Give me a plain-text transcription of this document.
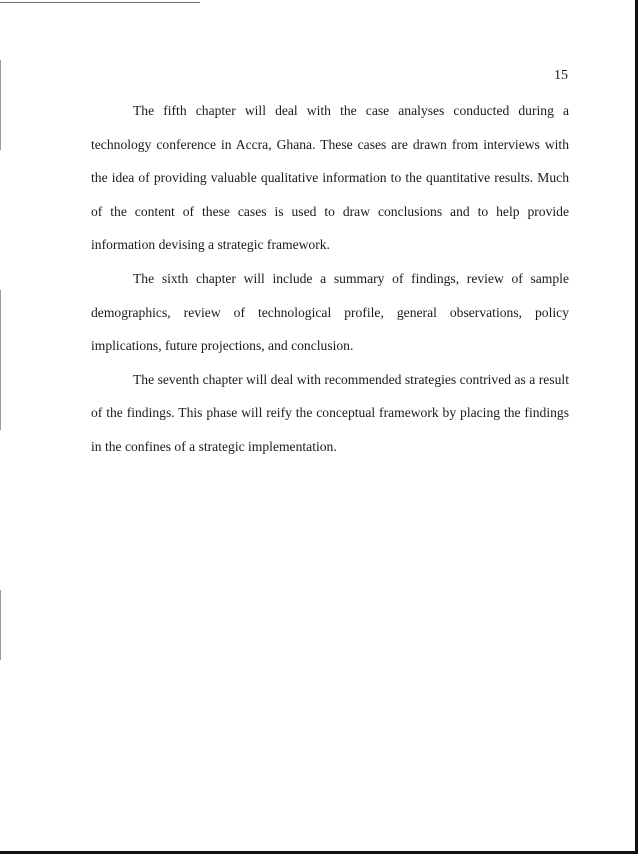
15

The fifth chapter will deal with the case analyses conducted during a technology conference in Accra, Ghana. These cases are drawn from interviews with the idea of providing valuable qualitative information to the quantitative results. Much of the content of these cases is used to draw conclusions and to help provide information devising a strategic framework.

The sixth chapter will include a summary of findings, review of sample demographics, review of technological profile, general observations, policy implications, future projections, and conclusion.

The seventh chapter will deal with recommended strategies contrived as a result of the findings. This phase will reify the conceptual framework by placing the findings in the confines of a strategic implementation.
